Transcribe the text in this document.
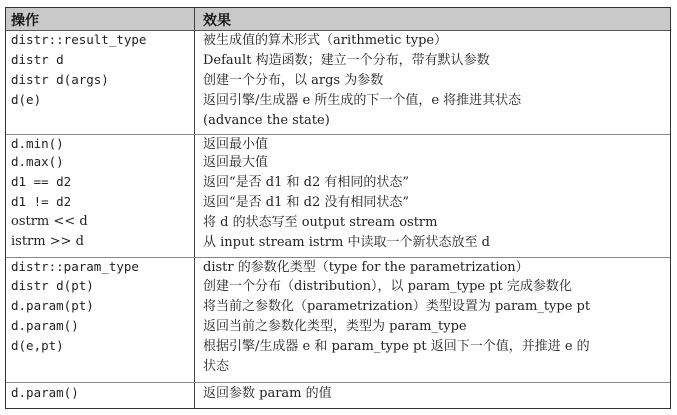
操作	效果
distr::result_type	被生成值的算术形式（arithmetic type）
distr d	Default 构造函数；建立一个分布，带有默认参数
distr d(args)	创建一个分布，以 args 为参数
d(e)	返回引擎/生成器 e 所生成的下一个值，e 将推进其状态
(advance the state)
d.min()	返回最小值
d.max()	返回最大值
d1 == d2	返回“是否 d1 和 d2 有相同的状态”
d1 != d2	返回“是否 d1 和 d2 没有相同状态”
ostrm << d	将 d 的状态写至 output stream ostrm
istrm >> d	从 input stream istrm 中读取一个新状态放至 d
distr::param_type	distr 的参数化类型（type for the parametrization）
distr d(pt)	创建一个分布（distribution），以 param_type pt 完成参数化
d.param(pt)	将当前之参数化（parametrization）类型设置为 param_type pt
d.param()	返回当前之参数化类型，类型为 param_type
d(e,pt)	根据引擎/生成器 e 和 param_type pt 返回下一个值，并推进 e 的
状态
d.param()	返回参数 param 的值
